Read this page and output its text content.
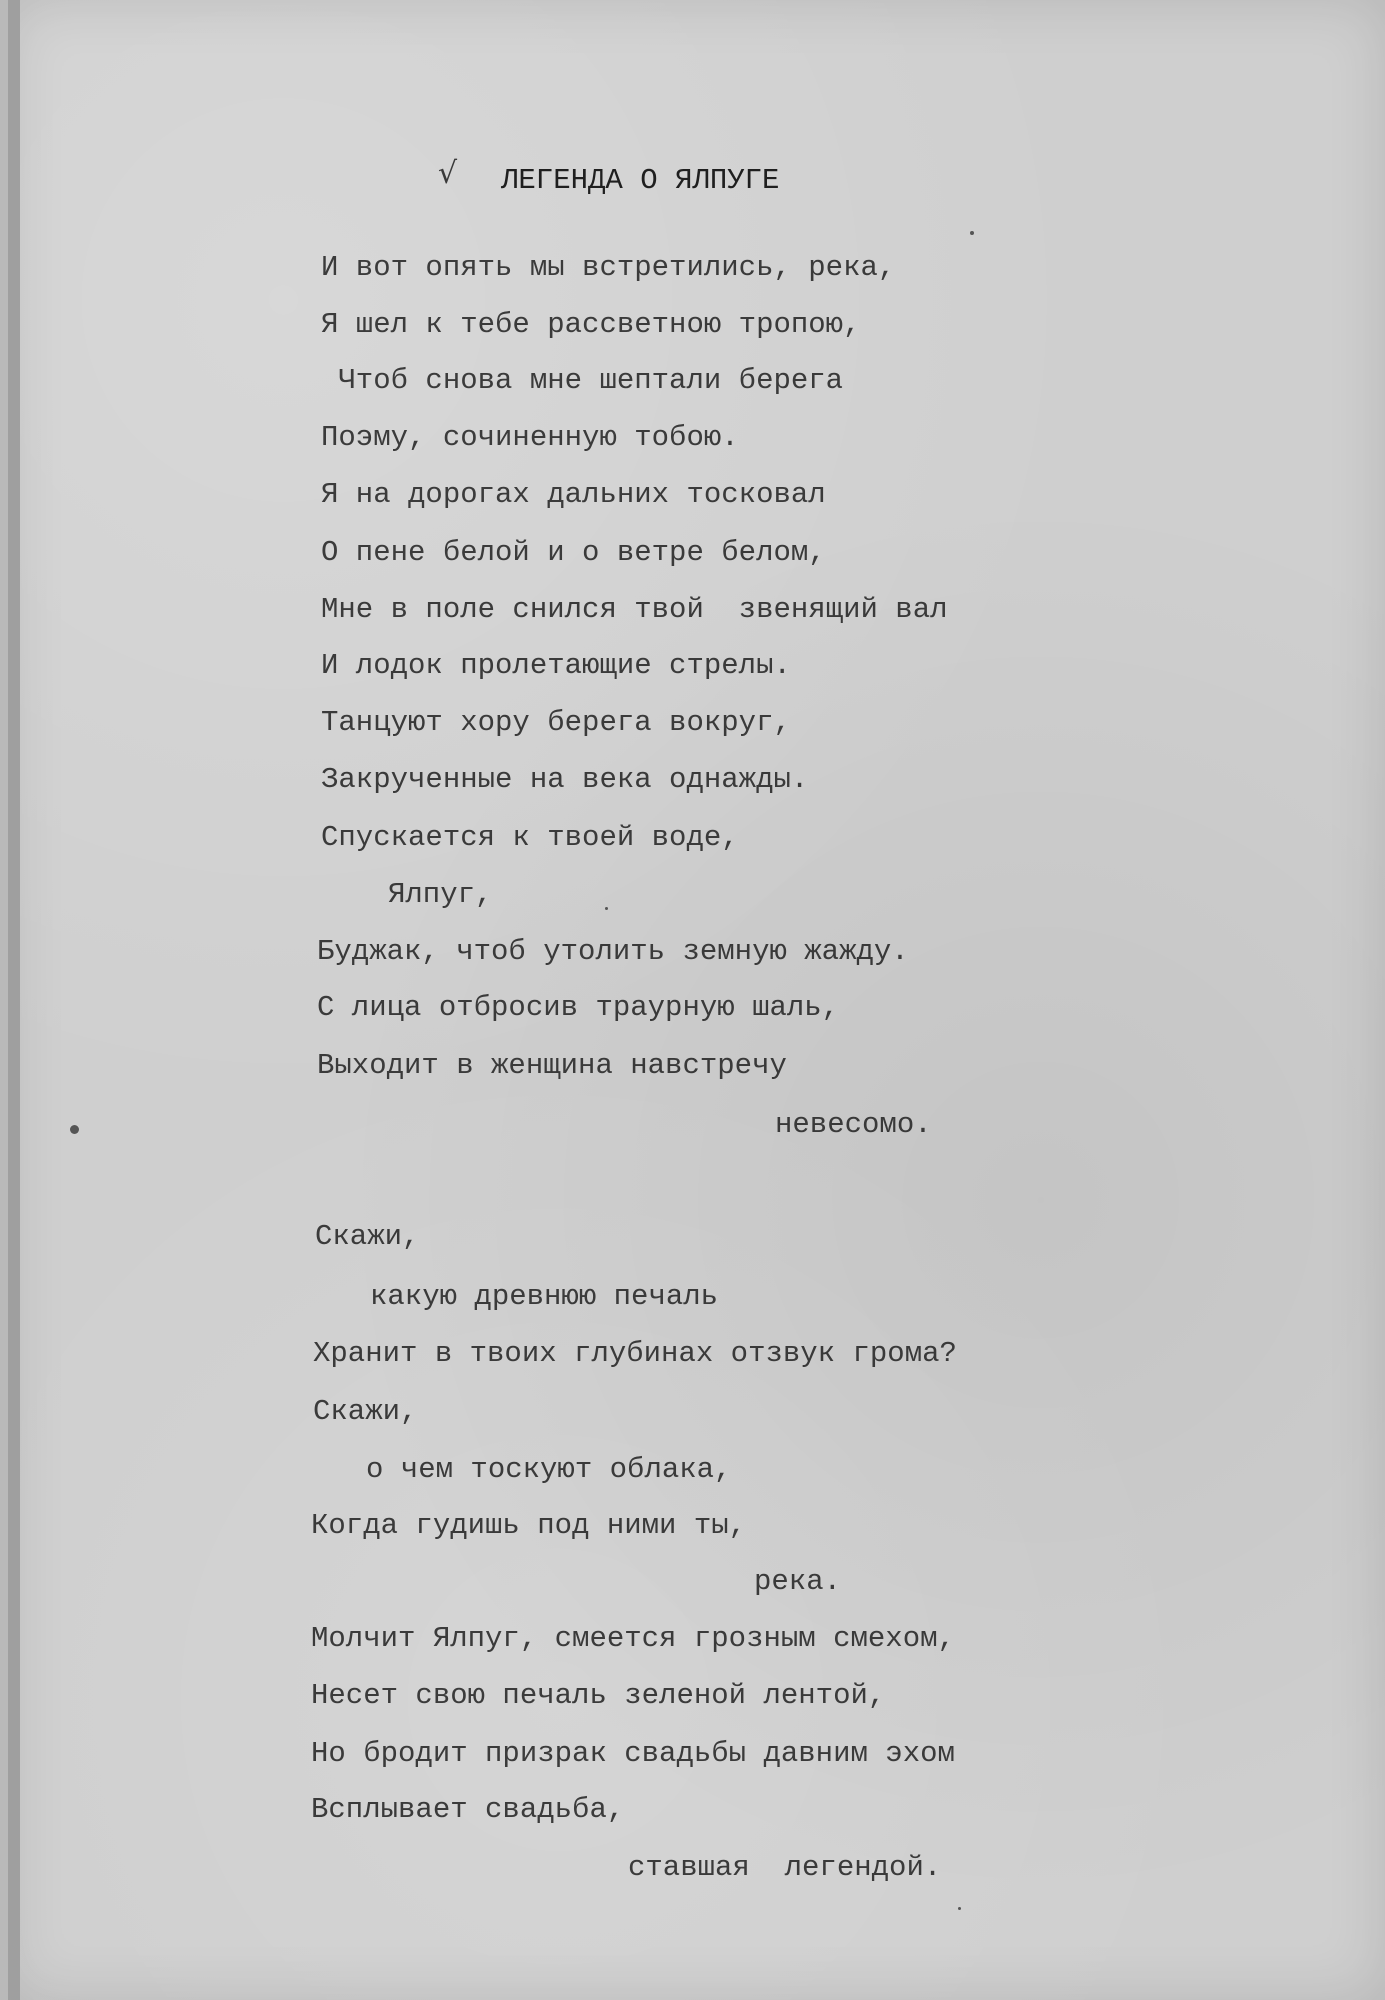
√ ЛЕГЕНДА О ЯЛПУГЕ
И вот опять мы встретились, река,
Я шел к тебе рассветною тропою,
Чтоб снова мне шептали берега
Поэму, сочиненную тобою.
Я на дорогах дальних тосковал
О пене белой и о ветре белом,
Мне в поле снился твой  звенящий вал
И лодок пролетающие стрелы.
Танцуют хору берега вокруг,
Закрученные на века однажды.
Спускается к твоей воде,
Ялпуг,
Буджак, чтоб утолить земную жажду.
С лица отбросив траурную шаль,
Выходит в женщина навстречу
невесомо.
Скажи,
какую древнюю печаль
Хранит в твоих глубинах отзвук грома?
Скажи,
о чем тоскуют облака,
Когда гудишь под ними ты,
река.
Молчит Ялпуг, смеется грозным смехом,
Несет свою печаль зеленой лентой,
Но бродит призрак свадьбы давним эхом
Всплывает свадьба,
ставшая  легендой.
